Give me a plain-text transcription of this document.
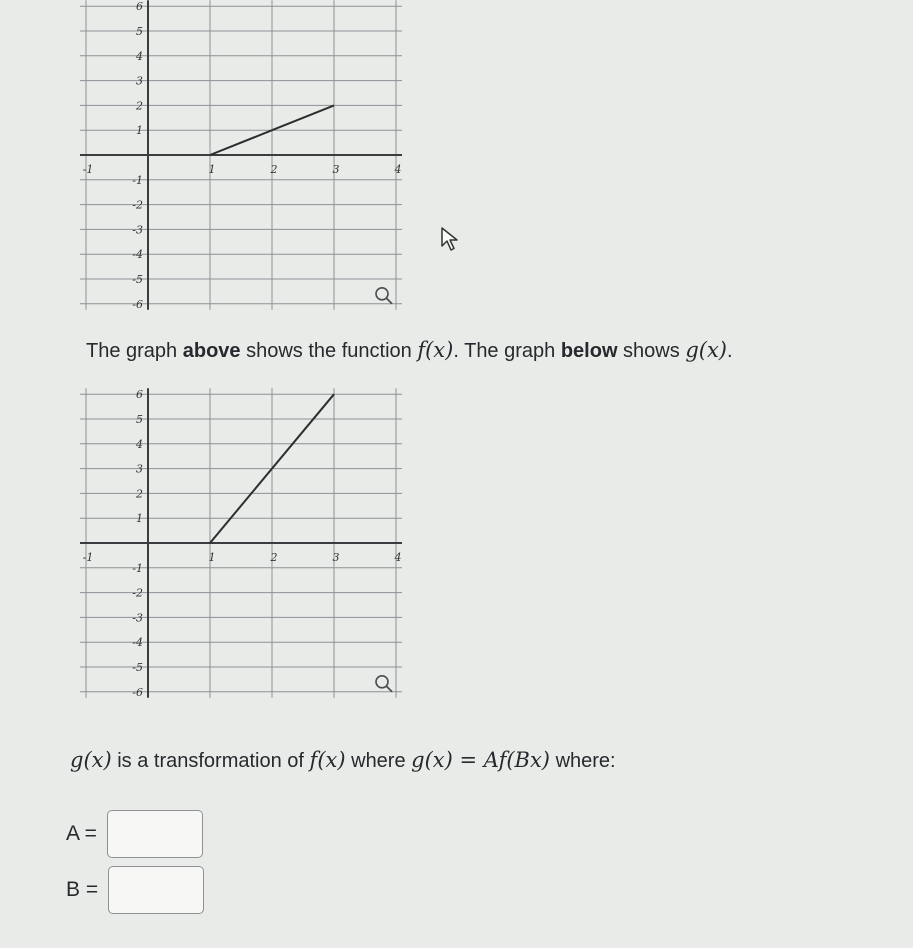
-1	1	2	3	4
6
5
4
3
2
1
-1
-2
-3
-4
-5
-6
The graph above shows the function f(x). The graph below shows g(x).
-1	1	2	3	4
6
5
4
3
2
1
-1
-2
-3
-4
-5
-6
g(x) is a transformation of f(x) where g(x) = Af(Bx) where:
A =
B =
